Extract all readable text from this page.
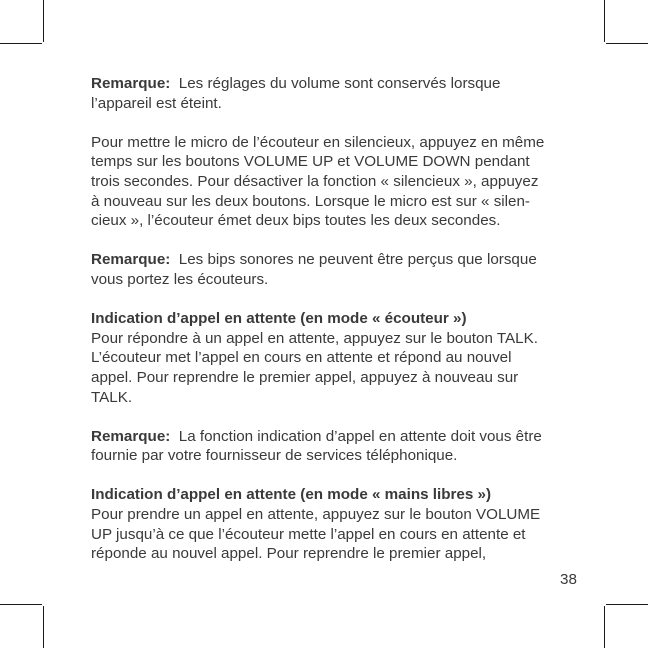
Remarque:  Les réglages du volume sont conservés lorsque
l’appareil est éteint.

Pour mettre le micro de l’écouteur en silencieux, appuyez en même
temps sur les boutons VOLUME UP et VOLUME DOWN pendant
trois secondes. Pour désactiver la fonction « silencieux », appuyez
à nouveau sur les deux boutons. Lorsque le micro est sur « silen-
cieux », l’écouteur émet deux bips toutes les deux secondes.

Remarque:  Les bips sonores ne peuvent être perçus que lorsque
vous portez les écouteurs.

Indication d’appel en attente (en mode « écouteur »)
Pour répondre à un appel en attente, appuyez sur le bouton TALK.
L’écouteur met l’appel en cours en attente et répond au nouvel
appel. Pour reprendre le premier appel, appuyez à nouveau sur
TALK.

Remarque:  La fonction indication d’appel en attente doit vous être
fournie par votre fournisseur de services téléphonique.

Indication d’appel en attente (en mode « mains libres »)
Pour prendre un appel en attente, appuyez sur le bouton VOLUME
UP jusqu’à ce que l’écouteur mette l’appel en cours en attente et
réponde au nouvel appel. Pour reprendre le premier appel,

38
